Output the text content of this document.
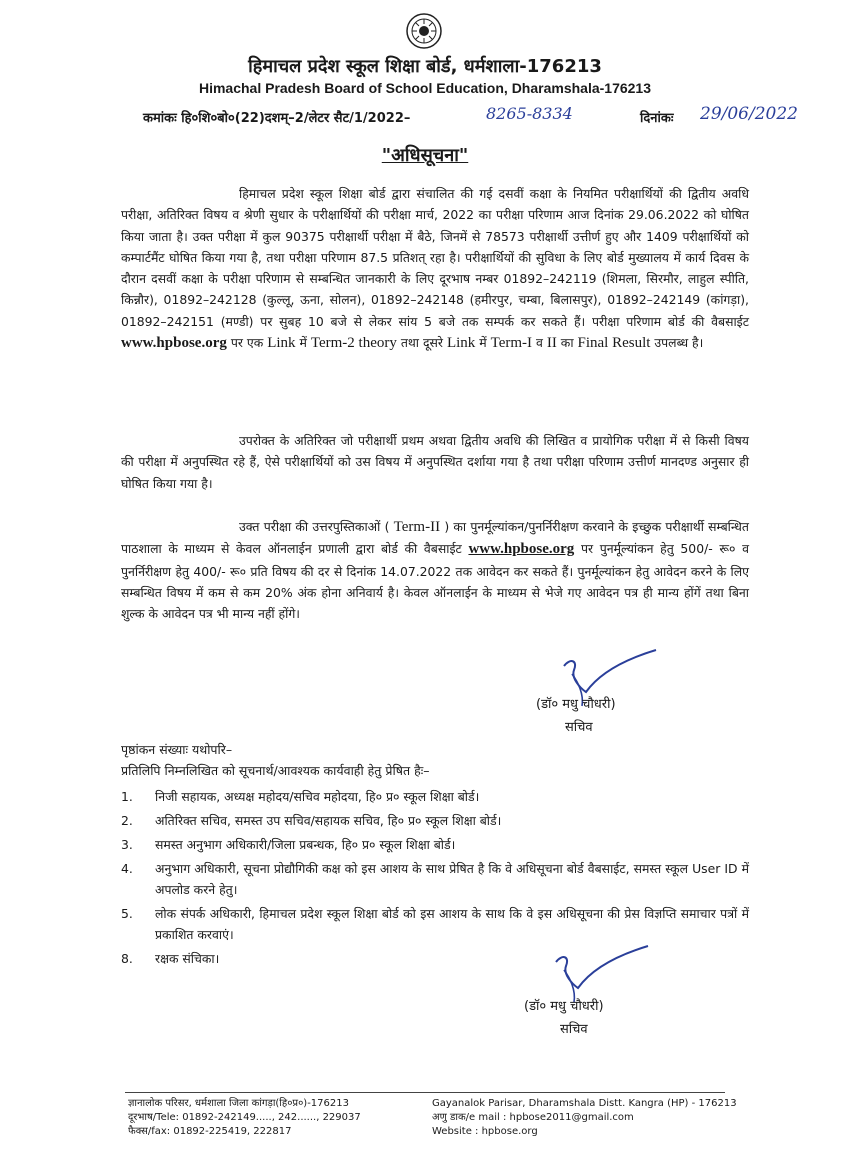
हिमाचल प्रदेश स्कूल शिक्षा बोर्ड, धर्मशाला-176213
Himachal Pradesh Board of School Education, Dharamshala-176213
कमांकः हि०शि०बो०(22)दशम्–2/लेटर सैट/1/2022–	8265-8334	दिनांकः 29/06/2022
"अधिसूचना"
हिमाचल प्रदेश स्कूल शिक्षा बोर्ड द्वारा संचालित की गई दसवीं कक्षा के नियमित परीक्षार्थियों की द्वितीय अवधि परीक्षा, अतिरिक्त विषय व श्रेणी सुधार के परीक्षार्थियों की परीक्षा मार्च, 2022 का परीक्षा परिणाम आज दिनांक 29.06.2022 को घोषित किया जाता है। उक्त परीक्षा में कुल 90375 परीक्षार्थी परीक्षा में बैठे, जिनमें से 78573 परीक्षार्थी उत्तीर्ण हुए और 1409 परीक्षार्थियों को कम्पार्टमैंट घोषित किया गया है, तथा परीक्षा परिणाम 87.5 प्रतिशत् रहा है। परीक्षार्थियों की सुविधा के लिए बोर्ड मुख्यालय में कार्य दिवस के दौरान दसवीं कक्षा के परीक्षा परिणाम से सम्बन्धित जानकारी के लिए दूरभाष नम्बर 01892–242119 (शिमला, सिरमौर, लाहुल स्पीति, किन्नौर), 01892–242128 (कुल्लू, ऊना, सोलन), 01892–242148 (हमीरपुर, चम्बा, बिलासपुर), 01892–242149 (कांगड़ा), 01892–242151 (मण्डी) पर सुबह 10 बजे से लेकर सांय 5 बजे तक सम्पर्क कर सकते हैं। परीक्षा परिणाम बोर्ड की वैबसाईट www.hpbose.org पर एक Link में Term-2 theory तथा दूसरे Link में Term-I व II का Final Result उपलब्ध है।
उपरोक्त के अतिरिक्त जो परीक्षार्थी प्रथम अथवा द्वितीय अवधि की लिखित व प्रायोगिक परीक्षा में से किसी विषय की परीक्षा में अनुपस्थित रहे हैं, ऐसे परीक्षार्थियों को उस विषय में अनुपस्थित दर्शाया गया है तथा परीक्षा परिणाम उत्तीर्ण मानदण्ड अनुसार ही घोषित किया गया है।
उक्त परीक्षा की उत्तरपुस्तिकाओं ( Term-II ) का पुनर्मूल्यांकन/पुनर्निरीक्षण करवाने के इच्छुक परीक्षार्थी सम्बन्धित पाठशाला के माध्यम से केवल ऑनलाईन प्रणाली द्वारा बोर्ड की वैबसाईट www.hpbose.org पर पुनर्मूल्यांकन हेतु 500/- रू० व पुनर्निरीक्षण हेतु 400/- रू० प्रति विषय की दर से दिनांक 14.07.2022 तक आवेदन कर सकते हैं। पुनर्मूल्यांकन हेतु आवेदन करने के लिए सम्बन्धित विषय में कम से कम 20% अंक होना अनिवार्य है। केवल ऑनलाईन के माध्यम से भेजे गए आवेदन पत्र ही मान्य होंगें तथा बिना शुल्क के आवेदन पत्र भी मान्य नहीं होंगे।
(डॉ० मधु चौधरी)
सचिव
पृष्ठांकन संख्याः यथोपरि–
प्रतिलिपि निम्नलिखित को सूचनार्थ/आवश्यक कार्यवाही हेतु प्रेषित हैः–
1. निजी सहायक, अध्यक्ष महोदय/सचिव महोदया, हि० प्र० स्कूल शिक्षा बोर्ड।
2. अतिरिक्त सचिव, समस्त उप सचिव/सहायक सचिव, हि० प्र० स्कूल शिक्षा बोर्ड।
3. समस्त अनुभाग अधिकारी/जिला प्रबन्धक, हि० प्र० स्कूल शिक्षा बोर्ड।
4. अनुभाग अधिकारी, सूचना प्रोद्यौगिकी कक्ष को इस आशय के साथ प्रेषित है कि वे अधिसूचना बोर्ड वैबसाईट, समस्त स्कूल User ID में अपलोड करने हेतु।
5. लोक संपर्क अधिकारी, हिमाचल प्रदेश स्कूल शिक्षा बोर्ड को इस आशय के साथ कि वे इस अधिसूचना की प्रेस विज्ञप्ति समाचार पत्रों में प्रकाशित करवाएं।
8. रक्षक संचिका।
(डॉ० मधु चौधरी)
सचिव
ज्ञानालोक परिसर, धर्मशाला जिला कांगड़ा(हि०प्र०)-176213
दूरभाष/Tele: 01892-242149....., 242......, 229037
फैक्स/fax: 01892-225419, 222817
Gayanalok Parisar, Dharamshala Distt. Kangra (HP) - 176213
अणु डाक/e mail : hpbose2011@gmail.com
Website : hpbose.org
